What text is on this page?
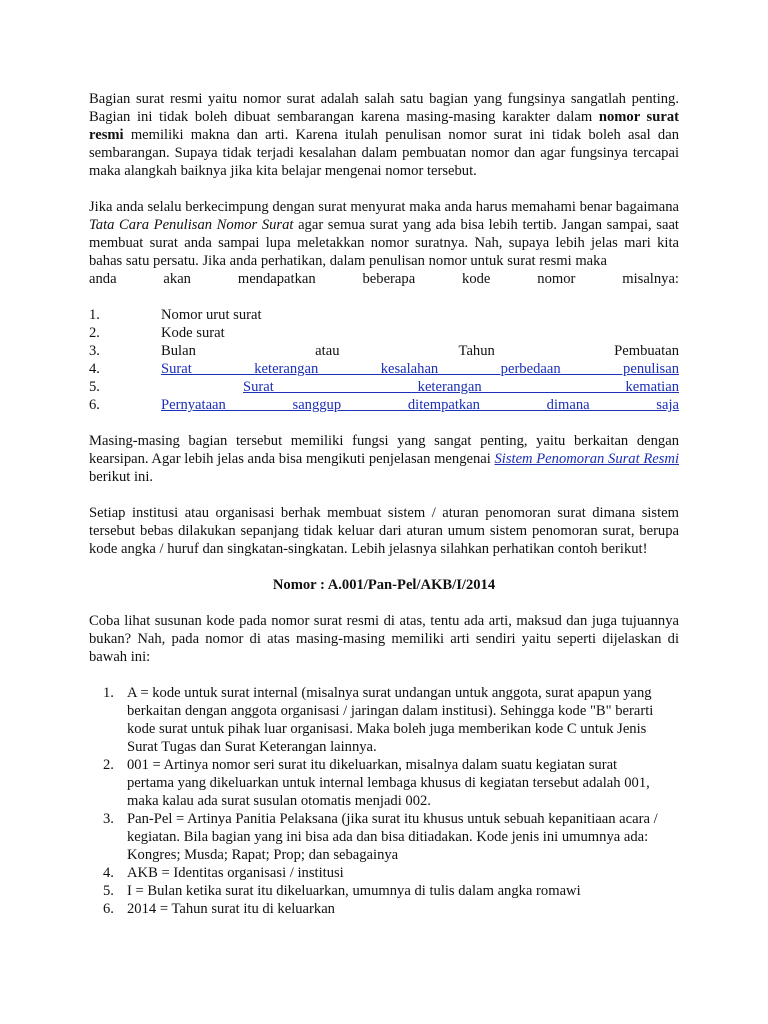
Bagian surat resmi yaitu nomor surat adalah salah satu bagian yang fungsinya sangatlah penting. Bagian ini tidak boleh dibuat sembarangan karena masing-masing karakter dalam nomor surat resmi memiliki makna dan arti. Karena itulah penulisan nomor surat ini tidak boleh asal dan sembarangan. Supaya tidak terjadi kesalahan dalam pembuatan nomor dan agar fungsinya tercapai maka alangkah baiknya jika kita belajar mengenai nomor tersebut.

Jika anda selalu berkecimpung dengan surat menyurat maka anda harus memahami benar bagaimana Tata Cara Penulisan Nomor Surat agar semua surat yang ada bisa lebih tertib. Jangan sampai, saat membuat surat anda sampai lupa meletakkan nomor suratnya. Nah, supaya lebih jelas mari kita bahas satu persatu. Jika anda perhatikan, dalam penulisan nomor untuk surat resmi maka

anda akan mendapatkan beberapa kode nomor misalnya:

1.	Nomor urut surat
2.	Kode surat
3.	Bulan atau Tahun Pembuatan
4.	Surat keterangan kesalahan perbedaan penulisan
5.	Surat keterangan kematian
6.	Pernyataan sanggup ditempatkan dimana saja

Masing-masing bagian tersebut memiliki fungsi yang sangat penting, yaitu berkaitan dengan kearsipan. Agar lebih jelas anda bisa mengikuti penjelasan mengenai Sistem Penomoran Surat Resmi berikut ini.

Setiap institusi atau organisasi berhak membuat sistem / aturan penomoran surat dimana sistem tersebut bebas dilakukan sepanjang tidak keluar dari aturan umum sistem penomoran surat, berupa kode angka / huruf dan singkatan-singkatan. Lebih jelasnya silahkan perhatikan contoh berikut!

Nomor : A.001/Pan-Pel/AKB/I/2014

Coba lihat susunan kode pada nomor surat resmi di atas, tentu ada arti, maksud dan juga tujuannya bukan? Nah, pada nomor di atas masing-masing memiliki arti sendiri yaitu seperti dijelaskan di bawah ini:

1. A = kode untuk surat internal (misalnya surat undangan untuk anggota, surat apapun yang berkaitan dengan anggota organisasi / jaringan dalam institusi). Sehingga kode "B" berarti kode surat untuk pihak luar organisasi. Maka boleh juga memberikan kode C untuk Jenis Surat Tugas dan Surat Keterangan lainnya.
2. 001 = Artinya nomor seri surat itu dikeluarkan, misalnya dalam suatu kegiatan surat pertama yang dikeluarkan untuk internal lembaga khusus di kegiatan tersebut adalah 001, maka kalau ada surat susulan otomatis menjadi 002.
3. Pan-Pel = Artinya Panitia Pelaksana (jika surat itu khusus untuk sebuah kepanitiaan acara / kegiatan. Bila bagian yang ini bisa ada dan bisa ditiadakan. Kode jenis ini umumnya ada: Kongres; Musda; Rapat; Prop; dan sebagainya
4. AKB = Identitas organisasi / institusi
5. I = Bulan ketika surat itu dikeluarkan, umumnya di tulis dalam angka romawi
6. 2014 = Tahun surat itu di keluarkan
